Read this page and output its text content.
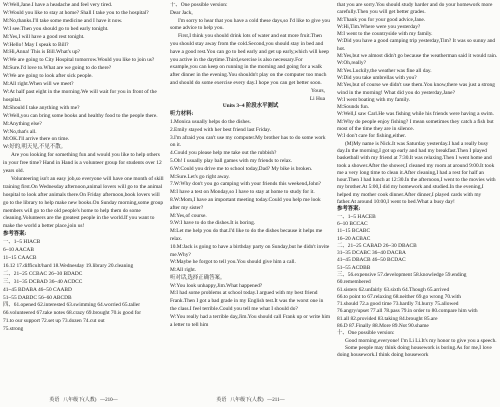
W:Well,Jane.I have a headache and feel very tired.

W:Would you like to stay at home? Shall I take you to the hospital?

M:No,thanks.I'll take some medicine and I have it now.

W:I see.Then you should go to bed early tonight.

M:Yes,I will have a good rest tonight.

W:Hello! May I speak to Bill?

M:Hi,Anna! This is Bill.What's up?

W:We are going to City Hospital tomorrow.Would you like to join us?

M:Sure.I'd love to.What are we going to do there?

W:We are going to look after sick people.

M:All right.When will we meet?

W:At half past eight in the morning.We will wait for you in front of the hospital.

M:Should I take anything with me?

W:Well,you can bring some books and healthy food to the people there.

M:Anything else?

W:No,that's all.

M:OK.I'll arrive there on time.

W:好的,明天见,不见不散。

Are you looking for something fun and would you like to help others in your free time? Hand in Hand is a volunteer group for students over 12 years old.

Volunteering isn't an easy job,so everyone will have one month of skill training first.On Wednesday afternoon,animal lovers will go to the animal hospital to look after animals there.On Friday afternoon,book lovers will go to the library to help make new books.On Sunday morning,some group members will go to the old people's home to help them do some cleaning.Volunteers are the greatest people in the world.If you want to make the world a better place,join us!

参考答案:

一、1~5 HIACB

6~10 AACAB

11~15 CAACB

16.12 17.difficult/hard 18.Wednesday 19.library 20.cleaning

二、21~25 CCBAC 26~30 BDADC

三、31~35 DCBAD 36~40 ACDCC

41~45 BDABA 46~50 CAABD

51~55 DABDC 56~60 ABCDB

四、61.opened 62.interested 63.swimming 64.worried 65.taller

66.volunteered 67.take notes 68.crazy 69.brought 70.is good for

71.to our support 72.set up 73.dozen 74.cut out

75.strong

十、One possible version:

Dear Jack,

I'm sorry to hear that you have a cold these days,so I'd like to give you some advice to help you.

First,I think you should drink lots of water and eat more fruit.Then you should stay away from the cold.Second,you should stay in bed and have a good rest.You can go to bed early and get up early,which will keep you active in the daytime.Third,exercise is also necessary.For example,you can keep on running in the morning and going for a walk after dinner in the evening.You shouldn't play on the computer too much and should do some exercise every day.I hope you can get better soon.

Yours,

Li Hua

Units 3~4 阶段水平测试

听力材料:

1.Monica usually helps do the dishes.

2.Emily stayed with her best friend last Friday.

3.I'm afraid you can't use my computer.My brother has to do some work on it.

4.Could you please help me take out the rubbish?

5.Oh! I usually play ball games with my friends to relax.

6.W:Could you drive me to school today,Dad? My bike is broken.

M:Sure.Let's go right away.

7.W:Why don't you go camping with your friends this weekend,John?

M:I have a test on Monday,so I have to stay at home to study for it.

8.W:Mom,I have an important meeting today.Could you help me look after my sister?

M:Yes,of course.

9.W:I have to do the dishes.It is boring.

M:Let me help you do that.I'd like to do the dishes because it helps me relax.

10.M:Jack is going to have a birthday party on Sunday,but he didn't invite me.Why?

W:Maybe he forgot to tell you.You should give him a call.

M:All right.

听对话,选择正确答案。

W:You look unhappy,Jim.What happened?

M:I had some problems at school today.I argued with my best friend Frank.Then I got a bad grade in my English test.It was the worst one in the class.I feel terrible.Could you tell me what I should do?

W:You really had a terrible day,Jim.You should call Frank up or write him a letter to tell him

that you are sorry.You should study harder and do your homework more carefully.Then you will get better grades.

M:Thank you for your good advice,Jane.

W:Hi,Tim.Where were you yesterday?

M:I went to the countryside with my family.

W:Did you have a good camping trip yesterday,Tim? It was so sunny and hot.

M:Yes,but we almost didn't go because the weatherman said it would rain.

W:Oh,really?

M:Yes.Luckily,the weather was fine all day.

W:Did you take umbrellas with you?

M:Yes,but of course we didn't use them.You know,there was just a strong wind in the morning! What did you do yesterday,Jane?

W:I went boating with my family.

M:Sounds fun.

W:Well,I saw Carl.He was fishing while his friends were having a swim.

M:Why do people enjoy fishing? I mean sometimes they catch a fish but most of the time they are in silence.

W:I don't care for fishing,either.

(M)My name is Nick.It was Saturday yesterday.I had a really busy day.In the morning,I got up early and had my breakfast.Then I played basketball with my friend at 7:30.It was relaxing.Then I went home and took a shower.After the shower,I cleaned my room at around 9:00.It took me a very long time to clean it.After cleaning,I had a rest for half an hour.Then I had lunch at 12:30.In the afternoon,I went to the movies with my brother.At 5:00,I did my homework and studied.In the evening,I helped my mother cook dinner.After dinner,I played cards with my father.At around 10:00,I went to bed.What a busy day!

参考答案:

一、1~5 HACEB

6~10 BCCAC

11~15 BCABC

16~20 ACBAC

二、21~25 CABAD 26~30 DBACB

31~35 DCABC 36~40 DACBA

41~45 DBACB 46~50 BCDAC

51~55 ACDBB

三、56.expensive 57.development 58.knowledge 59.ending 60.remembered

61.sisters 62.unfairly 63.sixth 64.Though 65.arrived

66.to point to 67.relaxing 68.neither 69.go wrong 70.with

71.should 72.a good time 73.hardly 74.hurry 75.allowed

76.angry/upset 77.all 78.pass 79.in order to 80.compare him with

81.all 82.provided 83.taking 84.brought 85.are

86.D 87.Finally 88.More 89.Not 90.shame

十、One possible version:

Good morning,everyone! I'm Li Li.It's my honor to give you a speech.

Some people may think doing housework is boring.As for me,I love doing housework.I think doing housework

英语   八年级下(人教)   —210—	英语   八年级下(人教)   —211—
